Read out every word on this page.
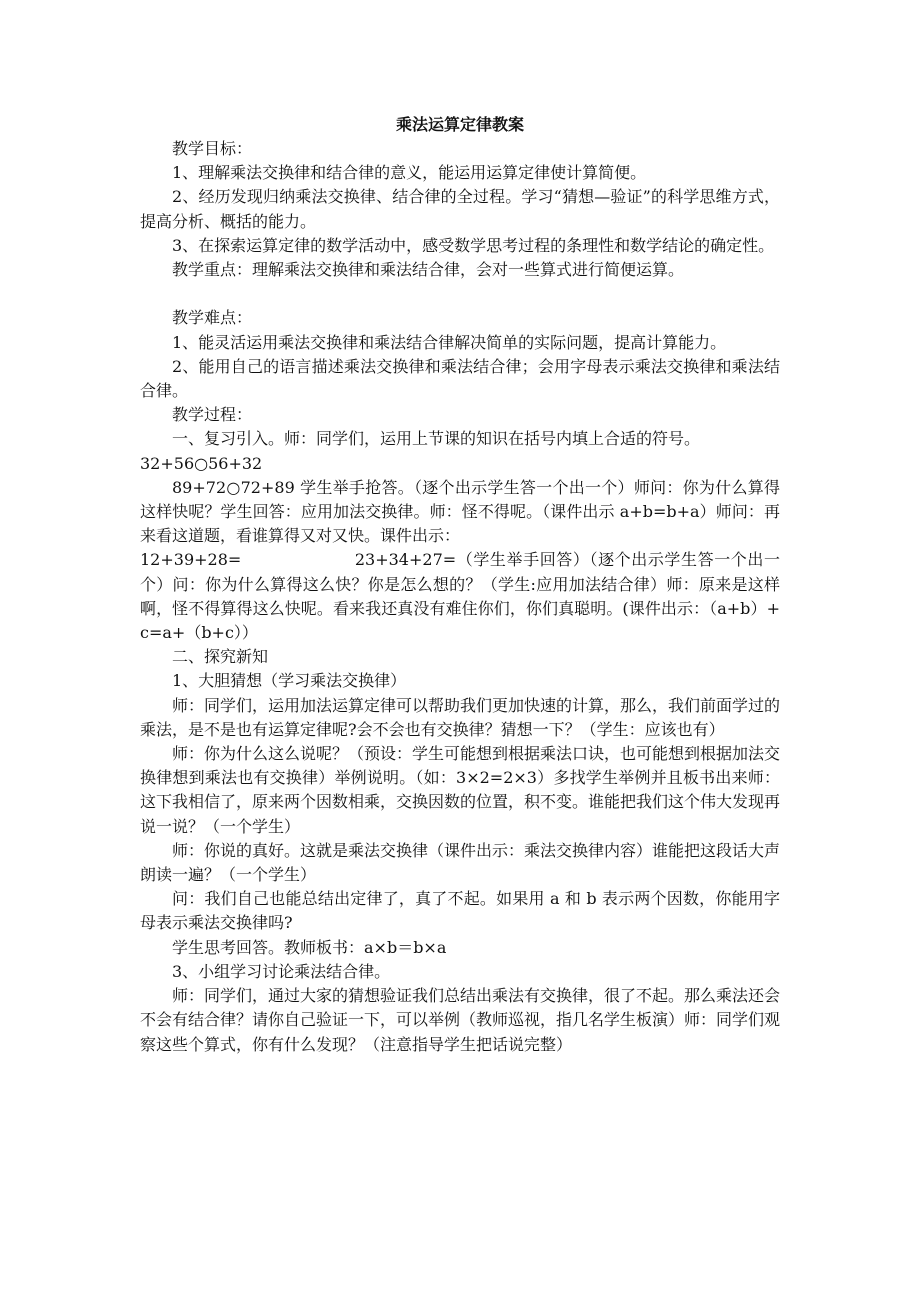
乘法运算定律教案

教学目标：

1、理解乘法交换律和结合律的意义，能运用运算定律使计算简便。

2、经历发现归纳乘法交换律、结合律的全过程。学习“猜想—验证”的科学思维方式，提高分析、概括的能力。

3、在探索运算定律的数学活动中，感受数学思考过程的条理性和数学结论的确定性。

教学重点：理解乘法交换律和乘法结合律，会对一些算式进行简便运算。

教学难点：

1、能灵活运用乘法交换律和乘法结合律解决简单的实际问题，提高计算能力。

2、能用自己的语言描述乘法交换律和乘法结合律；会用字母表示乘法交换律和乘法结合律。

教学过程：

一、复习引入。师：同学们，运用上节课的知识在括号内填上合适的符号。

32+56○56+32

89+72○72+89 学生举手抢答。（逐个出示学生答一个出一个）师问：你为什么算得这样快呢？学生回答：应用加法交换律。师：怪不得呢。（课件出示 a+b=b+a）师问：再来看这道题，看谁算得又对又快。课件出示：

12+39+28=                    23+34+27=（学生举手回答）（逐个出示学生答一个出一个）问：你为什么算得这么快？你是怎么想的？（学生:应用加法结合律）师：原来是这样啊，怪不得算得这么快呢。看来我还真没有难住你们，你们真聪明。(课件出示：（a+b）+c=a+（b+c））

二、探究新知

1、大胆猜想（学习乘法交换律）

师：同学们，运用加法运算定律可以帮助我们更加快速的计算，那么，我们前面学过的乘法，是不是也有运算定律呢?会不会也有交换律？猜想一下？（学生：应该也有）

师：你为什么这么说呢？（预设：学生可能想到根据乘法口诀，也可能想到根据加法交换律想到乘法也有交换律）举例说明。（如：3×2=2×3）多找学生举例并且板书出来师：这下我相信了，原来两个因数相乘，交换因数的位置，积不变。谁能把我们这个伟大发现再说一说？（一个学生）

师：你说的真好。这就是乘法交换律（课件出示：乘法交换律内容）谁能把这段话大声朗读一遍？（一个学生）

问：我们自己也能总结出定律了，真了不起。如果用 a 和 b 表示两个因数，你能用字母表示乘法交换律吗?

学生思考回答。教师板书：a×b＝b×a

3、小组学习讨论乘法结合律。

师：同学们，通过大家的猜想验证我们总结出乘法有交换律，很了不起。那么乘法还会不会有结合律？请你自己验证一下，可以举例（教师巡视，指几名学生板演）师：同学们观察这些个算式，你有什么发现？（注意指导学生把话说完整）
